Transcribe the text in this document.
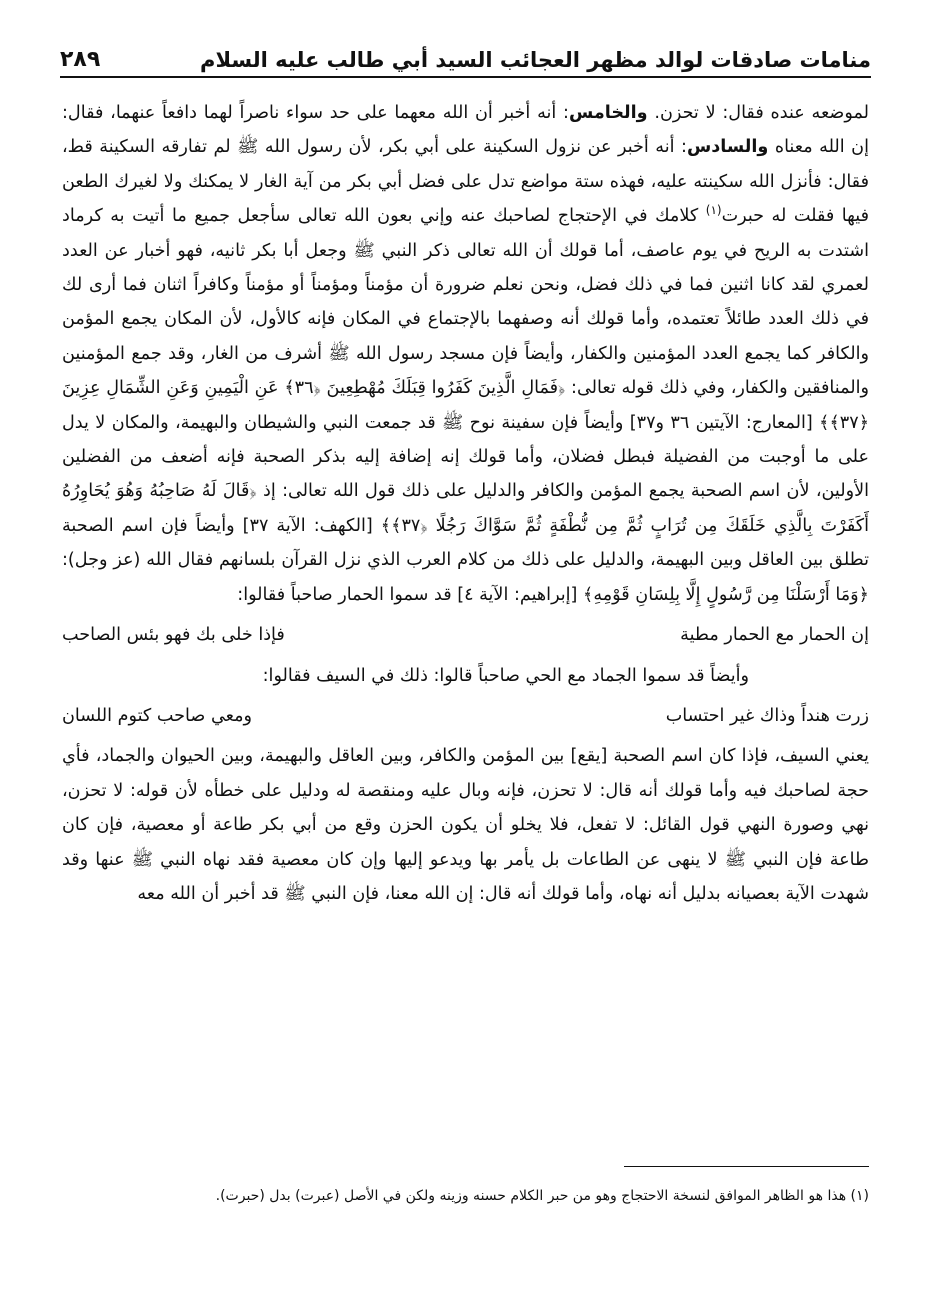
منامات صادقات لوالد مظهر العجائب السيد أبي طالب عليه السلام
٢٨٩

لموضعه عنده فقال: لا تحزن. والخامس: أنه أخبر أن الله معهما على حد سواء ناصراً لهما دافعاً عنهما، فقال: إن الله معناه والسادس: أنه أخبر عن نزول السكينة على أبي بكر، لأن رسول الله ﷺ لم تفارقه السكينة قط، فقال: فأنزل الله سكينته عليه، فهذه ستة مواضع تدل على فضل أبي بكر من آية الغار لا يمكنك ولا لغيرك الطعن فيها فقلت له حبرت$^{(١)}$ كلامك في الإحتجاج لصاحبك عنه وإني بعون الله تعالى سأجعل جميع ما أتيت به كرماد اشتدت به الريح في يوم عاصف، أما قولك أن الله تعالى ذكر النبي ﷺ وجعل أبا بكر ثانيه، فهو أخبار عن العدد لعمري لقد كانا اثنين فما في ذلك فضل، ونحن نعلم ضرورة أن مؤمناً ومؤمناً أو مؤمناً وكافراً اثنان فما أرى لك في ذلك العدد طائلاً تعتمده، وأما قولك أنه وصفهما بالإجتماع في المكان فإنه كالأول، لأن المكان يجمع المؤمن والكافر كما يجمع العدد المؤمنين والكفار، وأيضاً فإن مسجد رسول الله ﷺ أشرف من الغار، وقد جمع المؤمنين والمنافقين والكفار، وفي ذلك قوله تعالى: ﴿فَمَالِ الَّذِينَ كَفَرُوا قِبَلَكَ مُهْطِعِينَ ﴿٣٦﴾ عَنِ الْيَمِينِ وَعَنِ الشِّمَالِ عِزِينَ ﴿٣٧﴾﴾ [المعارج: الآيتين ٣٦ و٣٧] وأيضاً فإن سفينة نوح ﷺ قد جمعت النبي والشيطان والبهيمة، والمكان لا يدل على ما أوجبت من الفضيلة فبطل فضلان، وأما قولك إنه إضافة إليه بذكر الصحبة فإنه أضعف من الفضلين الأولين، لأن اسم الصحبة يجمع المؤمن والكافر والدليل على ذلك قول الله تعالى: إذ ﴿قَالَ لَهُ صَاحِبُهُ وَهُوَ يُحَاوِرُهُ أَكَفَرْتَ بِالَّذِي خَلَقَكَ مِن تُرَابٍ ثُمَّ مِن نُّطْفَةٍ ثُمَّ سَوَّاكَ رَجُلًا ﴿٣٧﴾﴾ [الكهف: الآية ٣٧] وأيضاً فإن اسم الصحبة تطلق بين العاقل وبين البهيمة، والدليل على ذلك من كلام العرب الذي نزل القرآن بلسانهم فقال الله (عز وجل): ﴿وَمَا أَرْسَلْنَا مِن رَّسُولٍ إِلَّا بِلِسَانِ قَوْمِهِ﴾ [إبراهيم: الآية ٤] قد سموا الحمار صاحباً فقالوا:

إن الحمار مع الحمار مطية
فإذا خلى بك فهو بئس الصاحب

وأيضاً قد سموا الجماد مع الحي صاحباً قالوا: ذلك في السيف فقالوا:

زرت هنداً وذاك غير احتساب
ومعي صاحب كتوم اللسان

يعني السيف، فإذا كان اسم الصحبة [يقع] بين المؤمن والكافر، وبين العاقل والبهيمة، وبين الحيوان والجماد، فأي حجة لصاحبك فيه وأما قولك أنه قال: لا تحزن، فإنه وبال عليه ومنقصة له ودليل على خطأه لأن قوله: لا تحزن، نهي وصورة النهي قول القائل: لا تفعل، فلا يخلو أن يكون الحزن وقع من أبي بكر طاعة أو معصية، فإن كان طاعة فإن النبي ﷺ لا ينهى عن الطاعات بل يأمر بها ويدعو إليها وإن كان معصية فقد نهاه النبي ﷺ عنها وقد شهدت الآية بعصيانه بدليل أنه نهاه، وأما قولك أنه قال: إن الله معنا، فإن النبي ﷺ قد أخبر أن الله معه

(١) هذا هو الظاهر الموافق لنسخة الاحتجاج وهو من حبر الكلام حسنه وزينه ولكن في الأصل (عبرت) بدل (حبرت).
